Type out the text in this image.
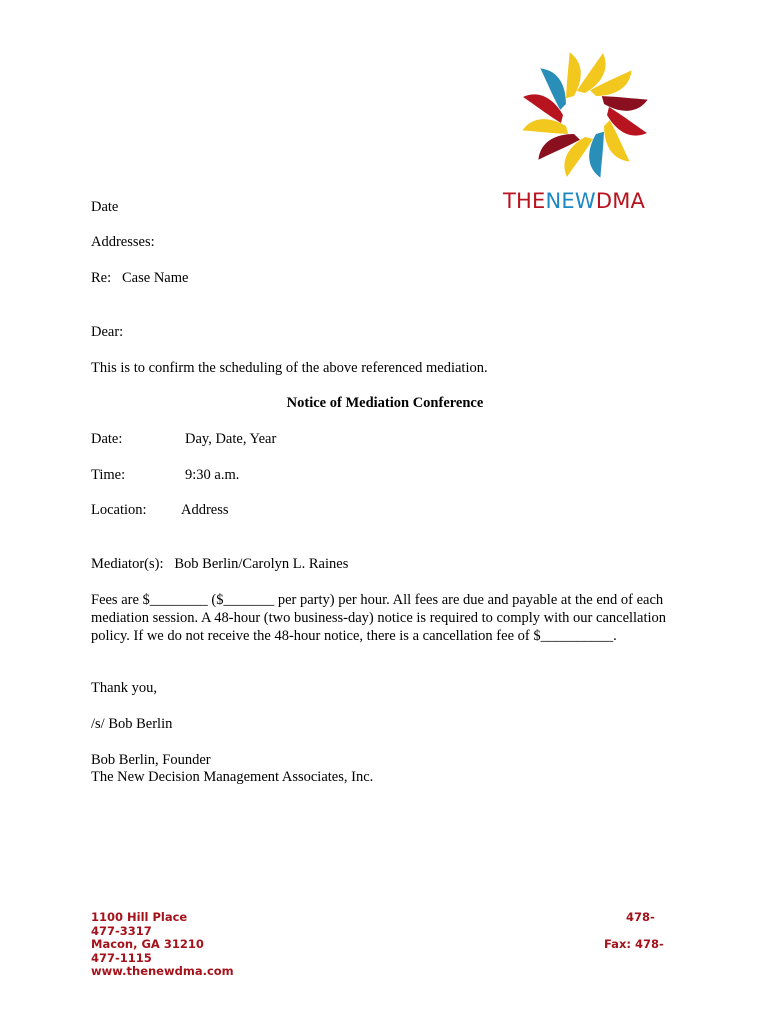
THENEWDMA
Date
Addresses:
Re:   Case Name
Dear:
This is to confirm the scheduling of the above referenced mediation.
Notice of Mediation Conference
Date:	Day, Date, Year
Time:	9:30 a.m.
Location: Address
Mediator(s):   Bob Berlin/Carolyn L. Raines
Fees are $________ ($_______ per party) per hour. All fees are due and payable at the end of each mediation session. A 48-hour (two business-day) notice is required to comply with our cancellation policy. If we do not receive the 48-hour notice, there is a cancellation fee of $__________.
Thank you,
/s/ Bob Berlin
Bob Berlin, Founder
The New Decision Management Associates, Inc.
1100 Hill Place
477-3317
Macon, GA 31210
477-1115
www.thenewdma.com
478-
Fax: 478-
